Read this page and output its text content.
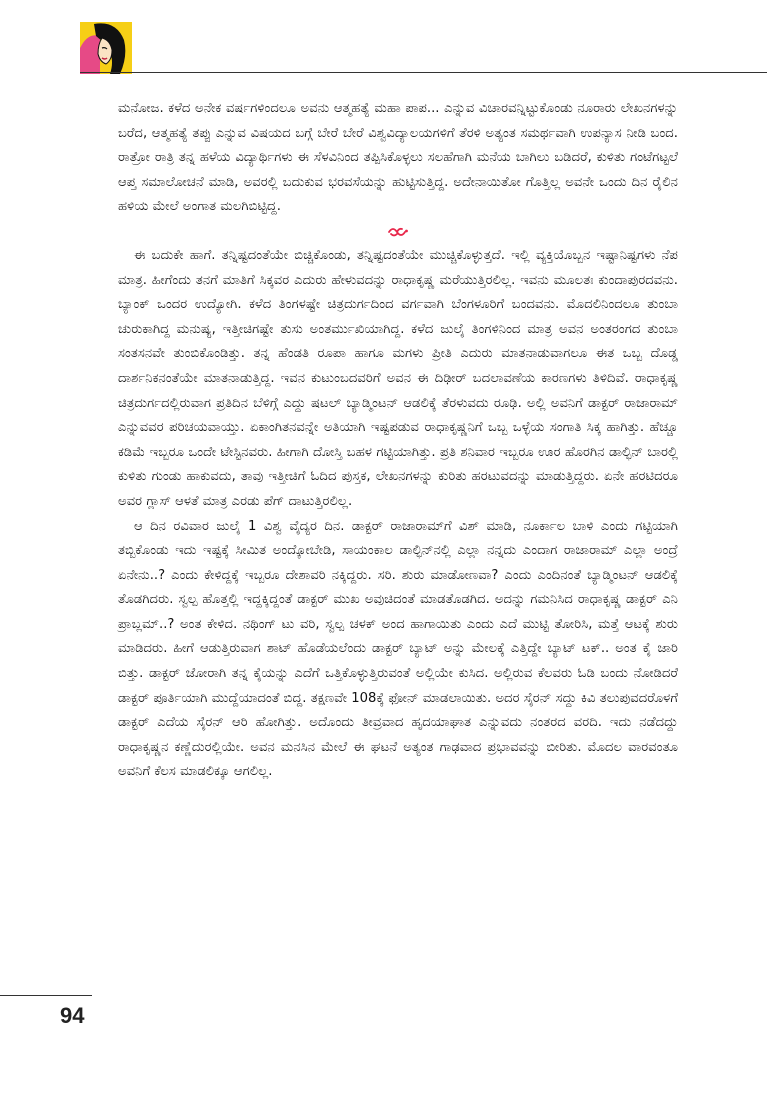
ಮನೋಜ. ಕಳೆದ ಅನೇಕ ವರ್ಷಗಳಿಂದಲೂ ಅವನು ಆತ್ಮಹತ್ಯೆ ಮಹಾ ಪಾಪ... ಎನ್ನುವ ವಿಚಾರವನ್ನಿಟ್ಟುಕೊಂಡು ನೂರಾರು ಲೇಖನಗಳನ್ನು ಬರೆದ, ಆತ್ಮಹತ್ಯೆ ತಪ್ಪು ಎನ್ನುವ ವಿಷಯದ ಬಗ್ಗೆ ಬೇರೆ ಬೇರೆ ವಿಶ್ವವಿದ್ಯಾಲಯಗಳಿಗೆ ತೆರಳಿ ಅತ್ಯಂತ ಸಮರ್ಥವಾಗಿ ಉಪನ್ಯಾಸ ನೀಡಿ ಬಂದ. ರಾತ್ರೋ ರಾತ್ರಿ ತನ್ನ ಹಳೆಯ ವಿದ್ಯಾರ್ಥಿಗಳು ಈ ಸೆಳವಿನಿಂದ ತಪ್ಪಿಸಿಕೊಳ್ಳಲು ಸಲಹೆಗಾಗಿ ಮನೆಯ ಬಾಗಿಲು ಬಡಿದರೆ, ಕುಳಿತು ಗಂಟೆಗಟ್ಟಲೆ ಆಪ್ತ ಸಮಾಲೋಚನೆ ಮಾಡಿ, ಅವರಲ್ಲಿ ಬದುಕುವ ಭರವಸೆಯನ್ನು ಹುಟ್ಟಿಸುತ್ತಿದ್ದ. ಅದೇನಾಯಿತೋ ಗೊತ್ತಿಲ್ಲ ಅವನೇ ಒಂದು ದಿನ ರೈಲಿನ ಹಳಿಯ ಮೇಲೆ ಅಂಗಾತ ಮಲಗಿಬಿಟ್ಟಿದ್ದ.

ಈ ಬದುಕೇ ಹಾಗೆ. ತನ್ನಿಷ್ಟದಂತೆಯೇ ಬಿಚ್ಚಿಕೊಂಡು, ತನ್ನಿಷ್ಟದಂತೆಯೇ ಮುಚ್ಚಿಕೊಳ್ಳುತ್ತದೆ. ಇಲ್ಲಿ ವ್ಯಕ್ತಿಯೊಬ್ಬನ ಇಷ್ಟಾನಿಷ್ಟಗಳು ನೆಪ ಮಾತ್ರ. ಹೀಗೆಂದು ತನಗೆ ಮಾತಿಗೆ ಸಿಕ್ಕವರ ಎದುರು ಹೇಳುವದನ್ನು ರಾಧಾಕೃಷ್ಣ ಮರೆಯುತ್ತಿರಲಿಲ್ಲ. ಇವನು ಮೂಲತಃ ಕುಂದಾಪುರದವನು. ಬ್ಯಾಂಕ್ ಒಂದರ ಉದ್ಯೋಗಿ. ಕಳೆದ ತಿಂಗಳಷ್ಟೇ ಚಿತ್ರದುರ್ಗದಿಂದ ವರ್ಗವಾಗಿ ಬೆಂಗಳೂರಿಗೆ ಬಂದವನು. ಮೊದಲಿನಿಂದಲೂ ತುಂಬಾ ಚುರುಕಾಗಿದ್ದ ಮನುಷ್ಯ, ಇತ್ತೀಚಿಗಷ್ಟೇ ತುಸು ಅಂತರ್ಮುಖಿಯಾಗಿದ್ದ. ಕಳೆದ ಜುಲೈ ತಿಂಗಳಿನಿಂದ ಮಾತ್ರ ಅವನ ಅಂತರಂಗದ ತುಂಬಾ ಸಂತಸನವೇ ತುಂಬಿಕೊಂಡಿತ್ತು. ತನ್ನ ಹೆಂಡತಿ ರೂಪಾ ಹಾಗೂ ಮಗಳು ಪ್ರೀತಿ ಎದುರು ಮಾತನಾಡುವಾಗಲೂ ಈತ ಒಬ್ಬ ದೊಡ್ಡ ದಾರ್ಶನಿಕನಂತೆಯೇ ಮಾತನಾಡುತ್ತಿದ್ದ. ಇವನ ಕುಟುಂಬದವರಿಗೆ ಅವನ ಈ ದಿಢೀರ್ ಬದಲಾವಣೆಯ ಕಾರಣಗಳು ತಿಳಿದಿವೆ. ರಾಧಾಕೃಷ್ಣ ಚಿತ್ರದುರ್ಗದಲ್ಲಿರುವಾಗ ಪ್ರತಿದಿನ ಬೆಳಿಗ್ಗೆ ಎದ್ದು ಷಟಲ್ ಬ್ಯಾಡ್ಮಿಂಟನ್ ಆಡಲಿಕ್ಕೆ ತೆರಳುವದು ರೂಢಿ. ಅಲ್ಲಿ ಅವನಿಗೆ ಡಾಕ್ಟರ್ ರಾಜಾರಾಮ್ ಎನ್ನುವವರ ಪರಿಚಯವಾಯ್ತು. ಏಕಾಂಗಿತನವನ್ನೇ ಅತಿಯಾಗಿ ಇಷ್ಟಪಡುವ ರಾಧಾಕೃಷ್ಣನಿಗೆ ಒಬ್ಬ ಒಳ್ಳೆಯ ಸಂಗಾತಿ ಸಿಕ್ಕ ಹಾಗಿತ್ತು. ಹೆಚ್ಚೂ ಕಡಿಮೆ ಇಬ್ಬರೂ ಒಂದೇ ಟೇಸ್ಟಿನವರು. ಹೀಗಾಗಿ ದೋಸ್ತಿ ಬಹಳ ಗಟ್ಟಿಯಾಗಿತ್ತು. ಪ್ರತಿ ಶನಿವಾರ ಇಬ್ಬರೂ ಊರ ಹೊರಗಿನ ಡಾಲ್ಫಿನ್ ಬಾರಲ್ಲಿ ಕುಳಿತು ಗುಂಡು ಹಾಕುವದು, ತಾವು ಇತ್ತೀಚಿಗೆ ಓದಿದ ಪುಸ್ತಕ, ಲೇಖನಗಳನ್ನು ಕುರಿತು ಹರಟುವದನ್ನು ಮಾಡುತ್ತಿದ್ದರು. ಏನೇ ಹರಟಿದರೂ ಅವರ ಗ್ಲಾಸ್ ಆಳತೆ ಮಾತ್ರ ಎರಡು ಪೆಗ್ ದಾಟುತ್ತಿರಲಿಲ್ಲ.

ಆ ದಿನ ರವಿವಾರ ಜುಲೈ 1 ವಿಶ್ವ ವೈದ್ಯರ ದಿನ. ಡಾಕ್ಟರ್ ರಾಜಾರಾಮ್‌ಗೆ ವಿಶ್ ಮಾಡಿ, ನೂರ್ಕಾಲ ಬಾಳಿ ಎಂದು ಗಟ್ಟಿಯಾಗಿ ತಬ್ಬಿಕೊಂಡು ಇದು ಇಷ್ಟಕ್ಕೆ ಸೀಮಿತ ಅಂದ್ಕೋಬೇಡಿ, ಸಾಯಂಕಾಲ ಡಾಲ್ಫಿನ್‌ನಲ್ಲಿ ಎಲ್ಲಾ ನನ್ನದು ಎಂದಾಗ ರಾಜಾರಾಮ್ ಎಲ್ಲಾ ಅಂದ್ರೆ ಏನೇನು..? ಎಂದು ಕೇಳಿದ್ದಕ್ಕೆ ಇಬ್ಬರೂ ದೇಶಾವರಿ ನಕ್ಕಿದ್ದರು. ಸರಿ. ಶುರು ಮಾಡೋಣವಾ? ಎಂದು ಎಂದಿನಂತೆ ಬ್ಯಾಡ್ಮಿಂಟನ್ ಆಡಲಿಕ್ಕೆ ತೊಡಗಿದರು. ಸ್ವಲ್ಪ ಹೊತ್ತಲ್ಲಿ ಇದ್ದಕ್ಕಿದ್ದಂತೆ ಡಾಕ್ಟರ್ ಮುಖ ಅವುಚಿದಂತೆ ಮಾಡತೊಡಗಿದ. ಅದನ್ನು ಗಮನಿಸಿದ ರಾಧಾಕೃಷ್ಣ ಡಾಕ್ಟರ್ ಎನಿ ಪ್ರಾಬ್ಲಮ್..? ಅಂತ ಕೇಳಿದ. ನಥಿಂಗ್ ಟು ವರಿ, ಸ್ವಲ್ಪ ಚಳಕ್ ಅಂದ ಹಾಗಾಯಿತು ಎಂದು ಎದೆ ಮುಟ್ಟಿ ತೋರಿಸಿ, ಮತ್ತೆ ಆಟಕ್ಕೆ ಶುರು ಮಾಡಿದರು. ಹೀಗೆ ಆಡುತ್ತಿರುವಾಗ ಶಾಟ್ ಹೊಡೆಯಲೆಂದು ಡಾಕ್ಟರ್ ಬ್ಯಾಟ್ ಅನ್ನು ಮೇಲಕ್ಕೆ ಎತ್ತಿದ್ದೇ ಬ್ಯಾಟ್ ಟಕ್.. ಅಂತ ಕೈ ಜಾರಿ ಬಿತ್ತು. ಡಾಕ್ಟರ್ ಜೋರಾಗಿ ತನ್ನ ಕೈಯನ್ನು ಎದೆಗೆ ಒತ್ತಿಕೊಳ್ಳುತ್ತಿರುವಂತೆ ಅಲ್ಲಿಯೇ ಕುಸಿದ. ಅಲ್ಲಿರುವ ಕೆಲವರು ಓಡಿ ಬಂದು ನೋಡಿದರೆ ಡಾಕ್ಟರ್ ಪೂರ್ತಿಯಾಗಿ ಮುದ್ದೆಯಾದಂತೆ ಬಿದ್ದ. ತಕ್ಷಣವೇ 108ಕ್ಕೆ ಫೋನ್ ಮಾಡಲಾಯಿತು. ಅದರ ಸೈರನ್ ಸದ್ದು ಕಿವಿ ತಲುಪುವದರೊಳಗೆ ಡಾಕ್ಟರ್ ಎದೆಯ ಸೈರನ್ ಆರಿ ಹೋಗಿತ್ತು. ಅದೊಂದು ತೀವ್ರವಾದ ಹೃದಯಾಘಾತ ಎನ್ನುವದು ನಂತರದ ವರದಿ. ಇದು ನಡೆದದ್ದು ರಾಧಾಕೃಷ್ಣನ ಕಣ್ಣೆದುರಲ್ಲಿಯೇ. ಅವನ ಮನಸಿನ ಮೇಲೆ ಈ ಘಟನೆ ಅತ್ಯಂತ ಗಾಢವಾದ ಪ್ರಭಾವವನ್ನು ಬೀರಿತು. ಮೊದಲ ವಾರವಂತೂ ಅವನಿಗೆ ಕೆಲಸ ಮಾಡಲಿಕ್ಕೂ ಆಗಲಿಲ್ಲ.

94
